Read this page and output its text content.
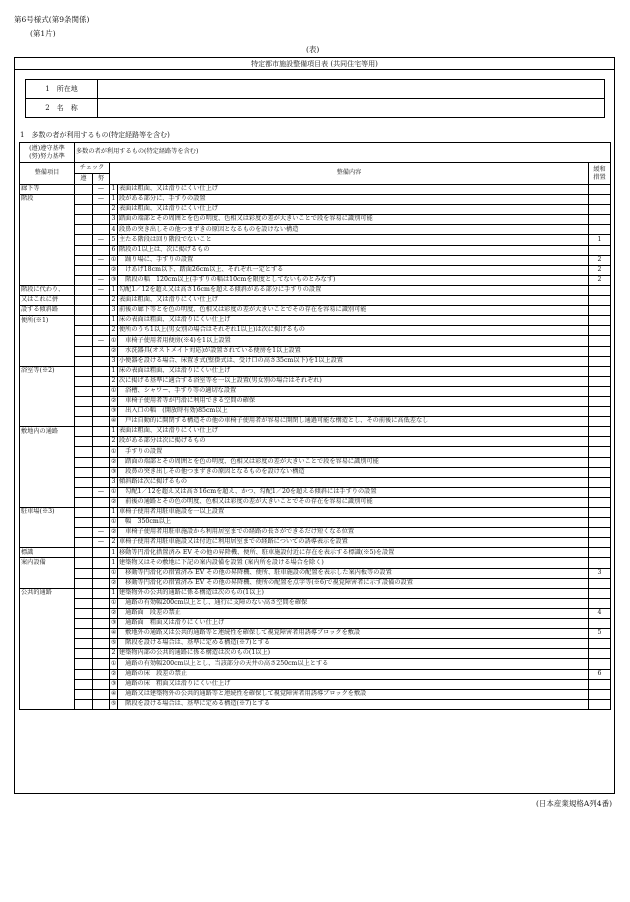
第6号様式(第9条関係)
(第1片)
(表)
特定都市施設整備項目表 (共同住宅等用)
1　所在地	
2　名　称	
1　多数の者が利用するもの(特定経路等を含む)
(遵)遵守基準
(努)努力基準	多数の者が利用するもの(特定経路等を含む)				
整備項目	チェック		整備内容		緩和
措置

	遵	努			
廊下等		—	1	表面は粗面、又は滑りにくい仕上げ	
階段		—	1	段がある部分に、手すりの設置	
			2	表面は粗面、又は滑りにくい仕上げ	
			3	踏面の端部とその周囲とを色の明度、色相又は彩度の差が大きいことで段を容易に識別可能	
			4	段鼻の突き出しその他つまずきの原因となるものを設けない構造	
		—	5	主たる階段は回り階段でないこと	1
			6	階段の1以上は、次に掲げるもの	
		—	①	　踊り場に、手すりの設置	2
			②	　けあげ18cm以下、踏面26cm以上、それぞれ一定とする	2
		—	③	　階段の幅　120cm以上(手すりの幅は10cmを限度としてないものとみなす)	2
階段に代わり、		—	1	勾配1／12を超え又は高さ16cmを超える傾斜がある部分に手すりの設置	
又はこれに併			2	表面は粗面、又は滑りにくい仕上げ	
設する傾斜路			3	前後の廊下等とを色の明度、色相又は彩度の差が大きいことでその存在を容易に識別可能	
便所(※1)			1	床の表面は粗面、又は滑りにくい仕上げ	
			2	便所のうち1以上(男女別の場合はそれぞれ1以上)は次に掲げるもの	
		—	①	　車椅子使用者用便房(※4)を1以上設置	
			②	　水洗器具(オストメイト対応)が設置されている便房を1以上設置	
			3	小便器を設ける場合、床置き式(壁掛式は、受け口の高さ35cm以下)を1以上設置	
浴室等(※2)			1	床の表面は粗面、又は滑りにくい仕上げ	
			2	次に掲げる基準に適合する浴室等を一以上設置(男女別の場合はそれぞれ)	
			①	　浴槽、シャワー、手すり等の適切な設置	
			②	　車椅子使用者等が円滑に利用できる空間の確保	
			③	　出入口の幅　(開放時有効)85cm以上	
			④	　戸は自動的に開閉する構造その他の車椅子使用者が容易に開閉し通過可能な構造とし、その前後に高低差なし	
敷地内の通路			1	表面は粗面、又は滑りにくい仕上げ	
			2	段がある部分は次に掲げるもの	
			①	　手すりの設置	
			②	　踏面の端部とその周囲とを色の明度、色相又は彩度の差が大きいことで段を容易に識別可能	
			③	　段鼻の突き出しその他つまずきの原因となるものを設けない構造	
			3	傾斜路は次に掲げるもの	
		—	①	　勾配1／12を超え又は高さ16cmを超え、かつ、勾配1／20を超える傾斜には手すりの設置	
			②	　前後の通路とその色の明度、色相又は彩度の差が大きいことでその存在を容易に識別可能	
駐車場(※3)			1	車椅子使用者用駐車施設を一以上設置	
			①	　幅　350cm以上	
		—	②	　車椅子使用者用駐車施設から利用居室までの経路の長さができるだけ短くなる位置	
		—	2	車椅子使用者用駐車施設又は付近に利用居室までの経路についての誘導表示を設置	
標識			1	移動等円滑化措置済み EV その他の昇降機、便所、駐車施設付近に存在を表示する標識(※5)を設置	
案内設備			1	建築物又はその敷地に下記の案内設備を設置 (案内所を設ける場合を除く)	
			①	　移動等円滑化の措置済み EV その他の昇降機、便所、駐車施設の配置を表示した案内板等の設置	3
			②	　移動等円滑化の措置済み EV その他の昇降機、便所の配置を点字等(※6)で視覚障害者に示す設備の設置	
公共的通路			1	建築物外の公共的通路に係る構造は次のもの(1以上)	
			①	　通路の有効幅200cm以上とし、通行に支障のない高さ空間を確保	
			②	　通路面　段差の禁止	4
			③	　通路面　粗面又は滑りにくい仕上げ	
			④	　敷地外の通路又は公共的通路等と連続性を確保して視覚障害者用誘導ブロックを敷設	5
			⑤	　階段を設ける場合は、基準に定める構造(※7)とする	
			2	建築物内部の公共的通路に係る構造は次のもの(1以上)	
			①	　通路の有効幅200cm以上とし、当該部分の天井の高さ250cm以上とする	
			②	　通路の床　段差の禁止	6
			③	　通路の床　粗面又は滑りにくい仕上げ	
			④	　通路又は建築物外の公共的通路等と連続性を確保して視覚障害者用誘導ブロックを敷設	
			⑤	　階段を設ける場合は、基準に定める構造(※7)とする	
(日本産業規格A列4番)
